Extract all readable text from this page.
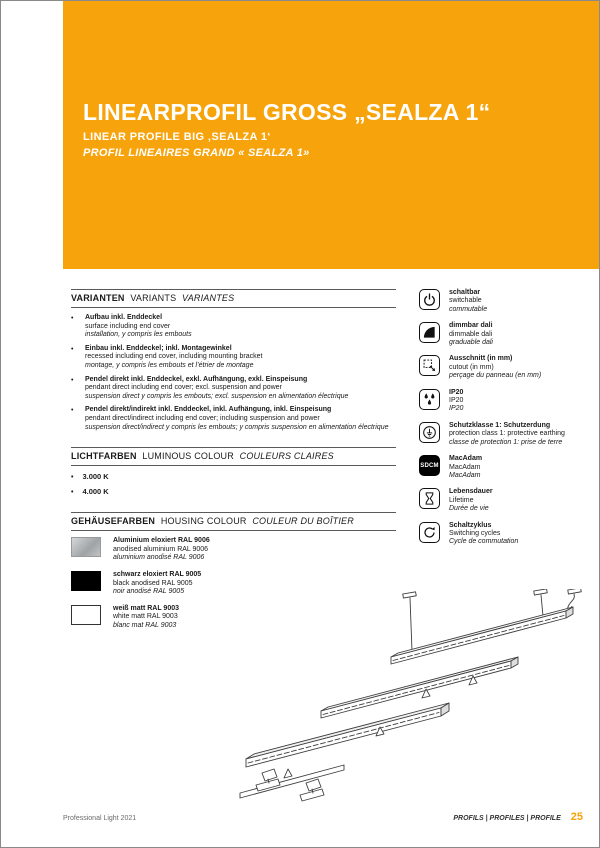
LINEARPROFIL GROSS „SEALZA 1“
LINEAR PROFILE BIG ‚SEALZA 1‘
PROFIL LINEAIRES GRAND « SEALZA 1»
VARIANTEN VARIANTS VARIANTES
•
Aufbau inkl. Enddeckel
surface including end cover
installation, y compris les embouts
•
Einbau inkl. Enddeckel; inkl. Montagewinkel
recessed including end cover, including mounting bracket
montage, y compris les embouts et l’étrier de montage
•
Pendel direkt inkl. Enddeckel, exkl. Aufhängung, exkl. Einspeisung
pendant direct including end cover; excl. suspension and power
suspension direct y compris les embouts; excl. suspension en alimentation électrique
•
Pendel direkt/indirekt inkl. Enddeckel, inkl. Aufhängung, inkl. Einspeisung
pendant direct/indirect including end cover; including suspension and power
suspension direct/indirect y compris les embouts; y compris suspension en alimentation électrique
LICHTFARBEN LUMINOUS COLOUR COULEURS CLAIRES
•
3.000 K
•
4.000 K
GEHÄUSEFARBEN HOUSING COLOUR COULEUR DU BOÎTIER
Aluminium eloxiert RAL 9006
anodised aluminium RAL 9006
aluminium anodisé RAL 9006
schwarz eloxiert RAL 9005
black anodised RAL 9005
noir anodisé RAL 9005
weiß matt RAL 9003
white matt RAL 9003
blanc mat RAL 9003
schaltbar
switchable
commutable
dimmbar dali
dimmable dali
graduable dali
Ausschnitt (in mm)
cutout (in mm)
perçage du panneau (en mm)
IP20
IP20
IP20
Schutzklasse 1: Schutzerdung
protection class 1: protective earthing
classe de protection 1: prise de terre
SDCM
MacAdam
MacAdam
MacAdam
Lebensdauer
Lifetime
Durée de vie
Schaltzyklus
Switching cycles
Cycle de commutation
Professional Light 2021	PROFILS | PROFILES | PROFILE 25
